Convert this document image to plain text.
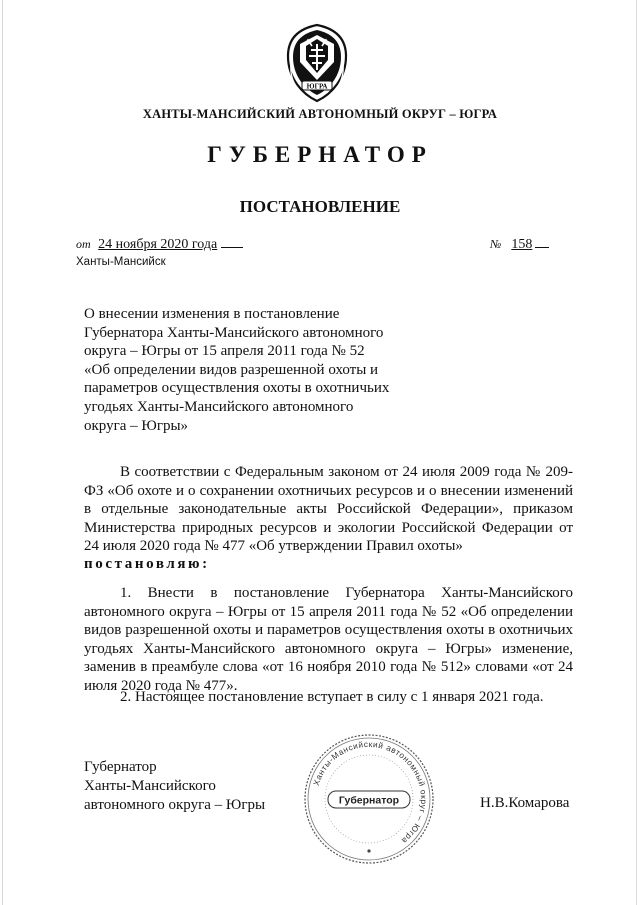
ЮГРА
ХАНТЫ-МАНСИЙСКИЙ АВТОНОМНЫЙ ОКРУГ – ЮГРА
ГУБЕРНАТОР
ПОСТАНОВЛЕНИЕ
от 24 ноября 2020 года	№ 158
Ханты-Мансийск
О внесении изменения в постановление
Губернатора Ханты-Мансийского автономного
округа – Югры от 15 апреля 2011 года № 52
«Об определении видов разрешенной охоты и
параметров осуществления охоты в охотничьих
угодьях Ханты-Мансийского автономного
округа – Югры»
В соответствии с Федеральным законом от 24 июля 2009 года № 209-ФЗ «Об охоте и о сохранении охотничьих ресурсов и о внесении изменений в отдельные законодательные акты Российской Федерации», приказом Министерства природных ресурсов и экологии Российской Федерации от 24 июля 2020 года № 477 «Об утверждении Правил охоты»
постановляю:
1. Внести в постановление Губернатора Ханты-Мансийского автономного округа – Югры от 15 апреля 2011 года № 52 «Об определении видов разрешенной охоты и параметров осуществления охоты в охотничьих угодьях Ханты-Мансийского автономного округа – Югры» изменение, заменив в преамбуле слова «от 16 ноября 2010 года № 512» словами «от 24 июля 2020 года № 477».
2. Настоящее постановление вступает в силу с 1 января 2021 года.
Губернатор
Ханты-Мансийского
автономного округа – Югры
Ханты-Мансийский автономный округ – Югра
Губернатор	Н.В.Комарова
